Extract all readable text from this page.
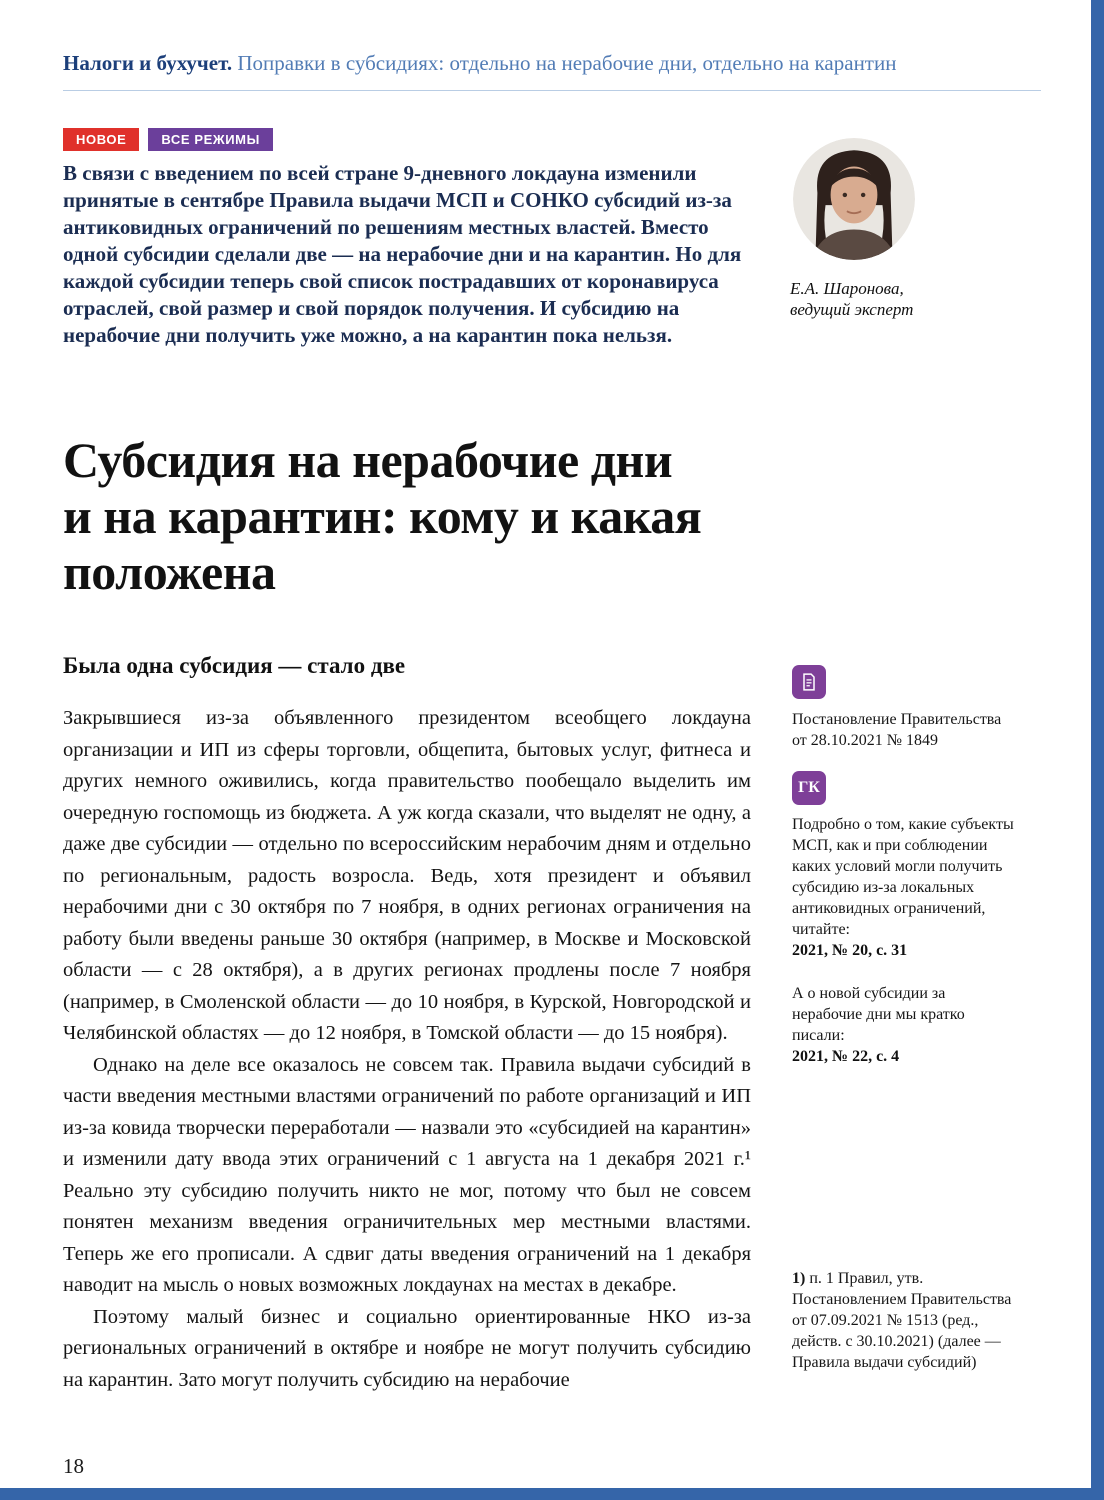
Налоги и бухучет. Поправки в субсидиях: отдельно на нерабочие дни, отдельно на карантин
НОВОЕ	ВСЕ РЕЖИМЫ

В связи с введением по всей стране 9-дневного локдауна изменили принятые в сентябре Правила выдачи МСП и СОНКО субсидий из-за антиковидных ограничений по решениям местных властей. Вместо одной субсидии сделали две — на нерабочие дни и на карантин. Но для каждой субсидии теперь свой список пострадавших от коронавируса отраслей, свой размер и свой порядок получения. И субсидию на нерабочие дни получить уже можно, а на карантин пока нельзя.

Е.А. Шаронова,
ведущий эксперт
Субсидия на нерабочие дни
и на карантин: кому и какая
положена
Была одна субсидия — стало две

Закрывшиеся из-за объявленного президентом всеобщего локдауна организации и ИП из сферы торговли, общепита, бытовых услуг, фитнеса и других немного оживились, когда правительство пообещало выделить им очередную госпомощь из бюджета. А уж когда сказали, что выделят не одну, а даже две субсидии — отдельно по всероссийским нерабочим дням и отдельно по региональным, радость возросла. Ведь, хотя президент и объявил нерабочими дни с 30 октября по 7 ноября, в одних регионах ограничения на работу были введены раньше 30 октября (например, в Москве и Московской области — с 28 октября), а в других регионах продлены после 7 ноября (например, в Смоленской области — до 10 ноября, в Курской, Новгородской и Челябинской областях — до 12 ноября, в Томской области — до 15 ноября).

Однако на деле все оказалось не совсем так. Правила выдачи субсидий в части введения местными властями ограничений по работе организаций и ИП из-за ковида творчески переработали — назвали это «субсидией на карантин» и изменили дату ввода этих ограничений с 1 августа на 1 декабря 2021 г.¹ Реально эту субсидию получить никто не мог, потому что был не совсем понятен механизм введения ограничительных мер местными властями. Теперь же его прописали. А сдвиг даты введения ограничений на 1 декабря наводит на мысль о новых возможных локдаунах на местах в декабре.

Поэтому малый бизнес и социально ориентированные НКО из-за региональных ограничений в октябре и ноябре не могут получить субсидию на карантин. Зато могут получить субсидию на нерабочие

Постановление Правительства от 28.10.2021 № 1849
ГК
Подробно о том, какие субъекты МСП, как и при соблюдении каких условий могли получить субсидию из-за локальных антиковидных ограничений, читайте:
2021, № 20, с. 31
А о новой субсидии за нерабочие дни мы кратко писали:
2021, № 22, с. 4
1) п. 1 Правил, утв. Постановлением Правительства от 07.09.2021 № 1513 (ред., действ. с 30.10.2021) (далее — Правила выдачи субсидий)
18
